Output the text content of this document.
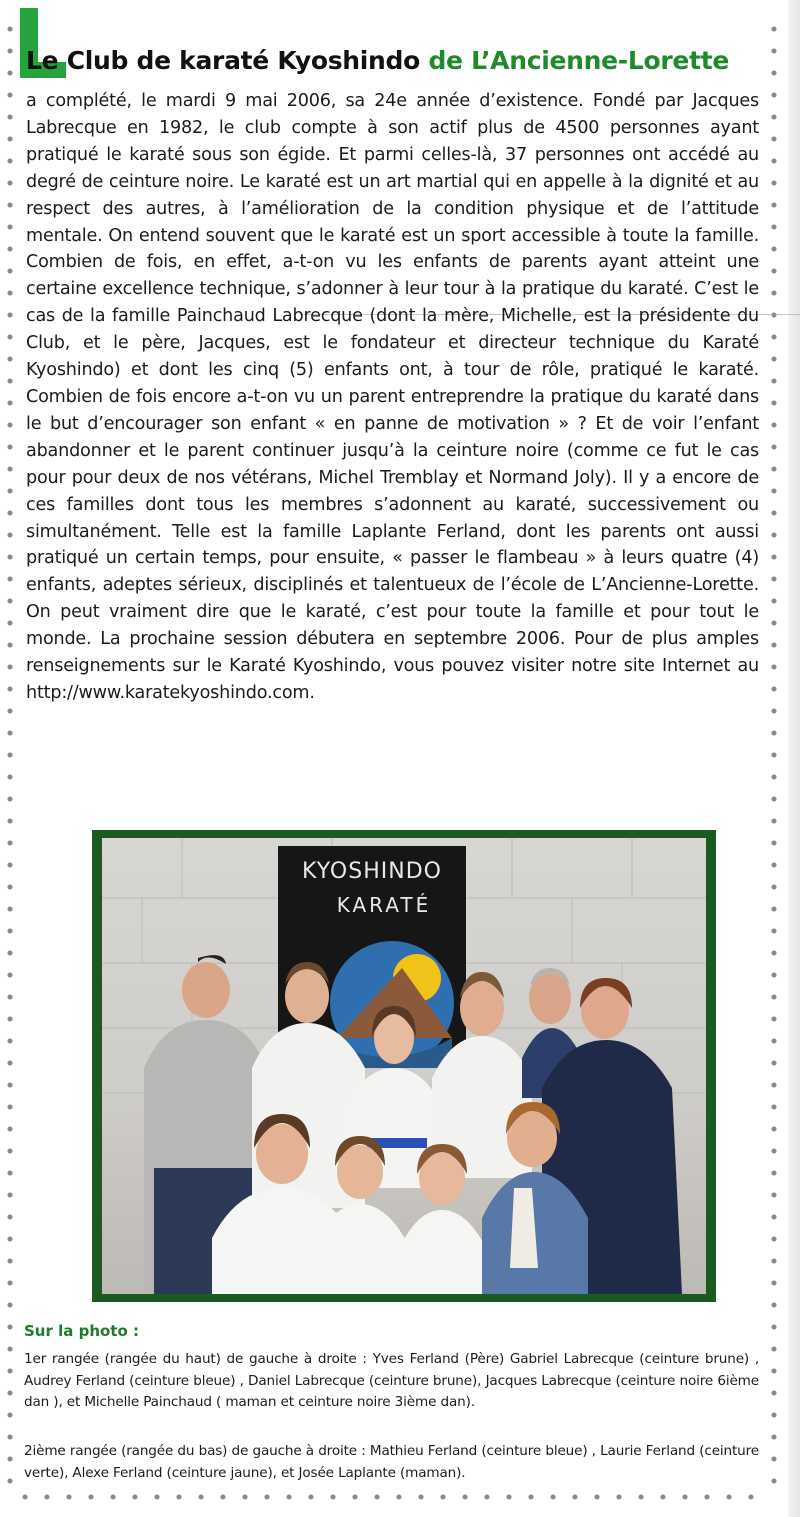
Le Club de karaté Kyoshindo de L’Ancienne-Lorette
a complété, le mardi 9 mai 2006, sa 24e année d’existence. Fondé par Jacques Labrecque en 1982, le club compte à son actif plus de 4500 personnes ayant pratiqué le karaté sous son égide. Et parmi celles-là, 37 personnes ont accédé au degré de ceinture noire. Le karaté est un art martial qui en appelle à la dignité et au respect des autres, à l’amélioration de la condition physique et de l’attitude mentale. On entend souvent que le karaté est un sport accessible à toute la famille. Combien de fois, en effet, a-t-on vu les enfants de parents ayant atteint une certaine excellence technique, s’adonner à leur tour à la pratique du karaté. C’est le cas de la famille Painchaud Labrecque (dont la mère, Michelle, est la présidente du Club, et le père, Jacques, est le fondateur et directeur technique du Karaté Kyoshindo) et dont les cinq (5) enfants ont, à tour de rôle, pratiqué le karaté. Combien de fois encore a-t-on vu un parent entreprendre la pratique du karaté dans le but d’encourager son enfant « en panne de motivation » ? Et de voir l’enfant abandonner et le parent continuer jusqu’à la ceinture noire (comme ce fut le cas pour pour deux de nos vétérans, Michel Tremblay et Normand Joly). Il y a encore de ces familles dont tous les membres s’adonnent au karaté, successivement ou simultanément. Telle est la famille Laplante Ferland, dont les parents ont aussi pratiqué un certain temps, pour ensuite, « passer le flambeau » à leurs quatre (4) enfants, adeptes sérieux, disciplinés et talentueux de l’école de L’Ancienne-Lorette. On peut vraiment dire que le karaté, c’est pour toute la famille et pour tout le monde. La prochaine session débutera en septembre 2006. Pour de plus amples renseignements sur le Karaté Kyoshindo, vous pouvez visiter notre site Internet au http://www.karatekyoshindo.com.
KYOSHINDO
KARATÉ
Sur la photo :
1er rangée (rangée du haut) de gauche à droite : Yves Ferland (Père) Gabriel Labrecque (ceinture brune) , Audrey Ferland (ceinture bleue) , Daniel Labrecque (ceinture brune), Jacques Labrecque (ceinture noire 6ième dan ), et Michelle Painchaud ( maman et ceinture noire 3ième dan).
2ième rangée (rangée du bas) de gauche à droite : Mathieu Ferland (ceinture bleue) , Laurie Ferland (ceinture verte), Alexe Ferland (ceinture jaune), et Josée Laplante (maman).
